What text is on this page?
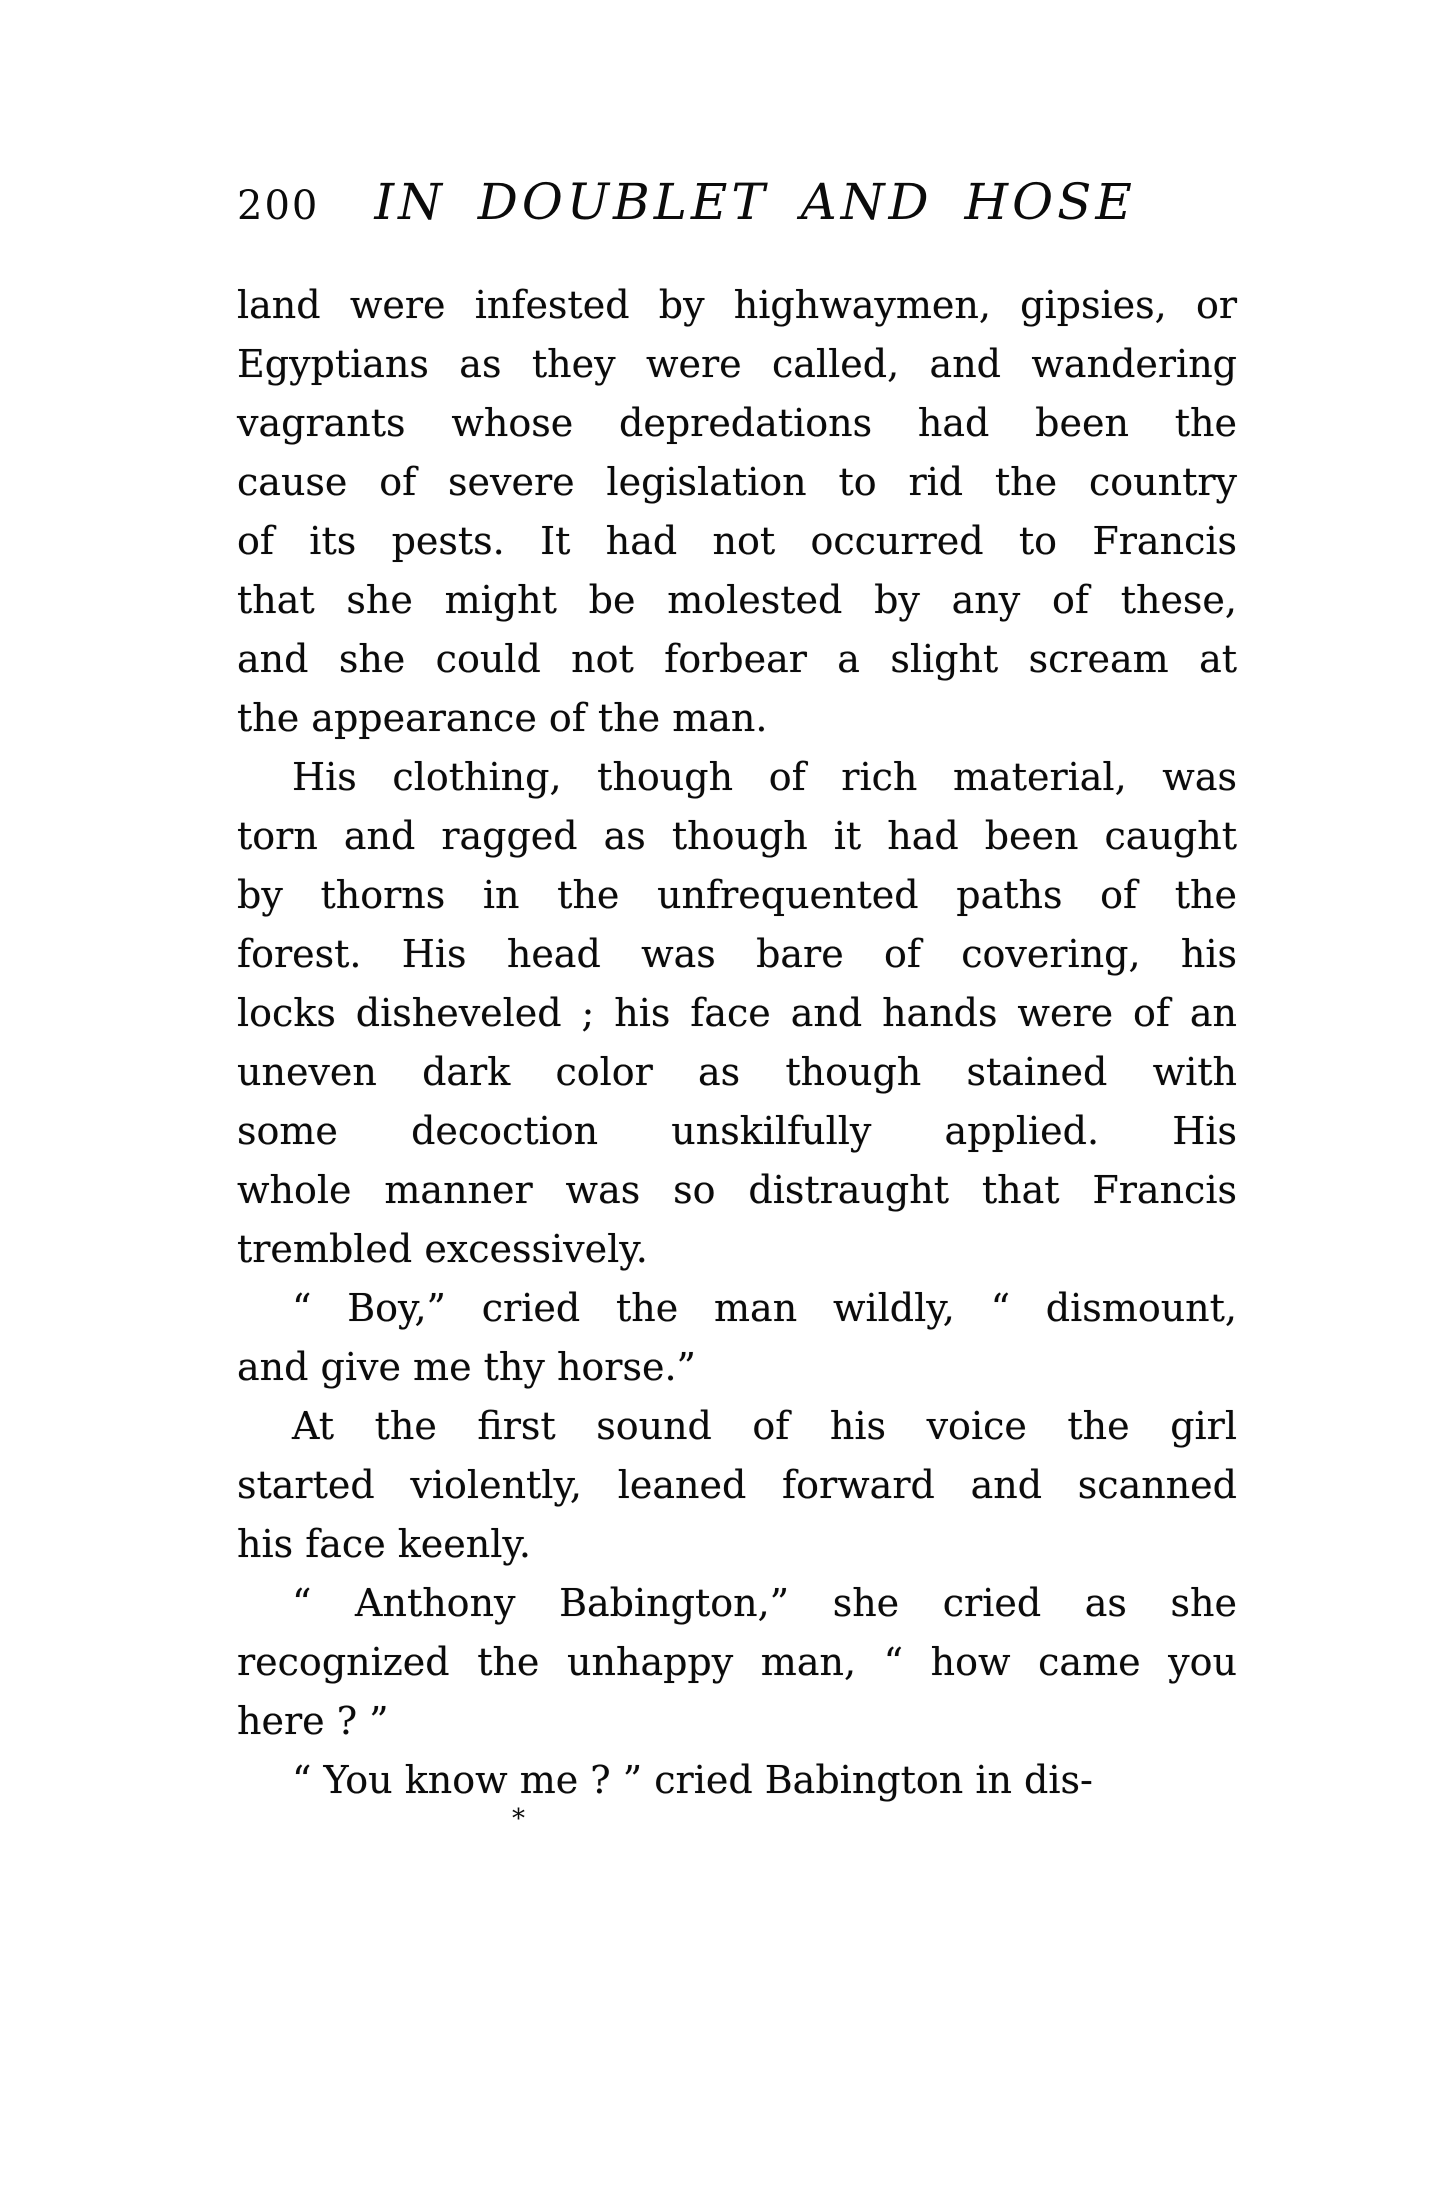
200 IN DOUBLET AND HOSE
land were infested by highwaymen, gipsies, or
Egyptians as they were called, and wandering
vagrants whose depredations had been the
cause of severe legislation to rid the country
of its pests. It had not occurred to Francis
that she might be molested by any of these,
and she could not forbear a slight scream at
the appearance of the man.
His clothing, though of rich material, was
torn and ragged as though it had been caught
by thorns in the unfrequented paths of the
forest. His head was bare of covering, his
locks disheveled ; his face and hands were of an
uneven dark color as though stained with
some decoction unskilfully applied. His
whole manner was so distraught that Francis
trembled excessively.
“ Boy,” cried the man wildly, “ dismount,
and give me thy horse.”
At the first sound of his voice the girl
started violently, leaned forward and scanned
his face keenly.
“ Anthony Babington,” she cried as she
recognized the unhappy man, “ how came you
here ? ”
“ You know me ? ” cried Babington in dis-
*
